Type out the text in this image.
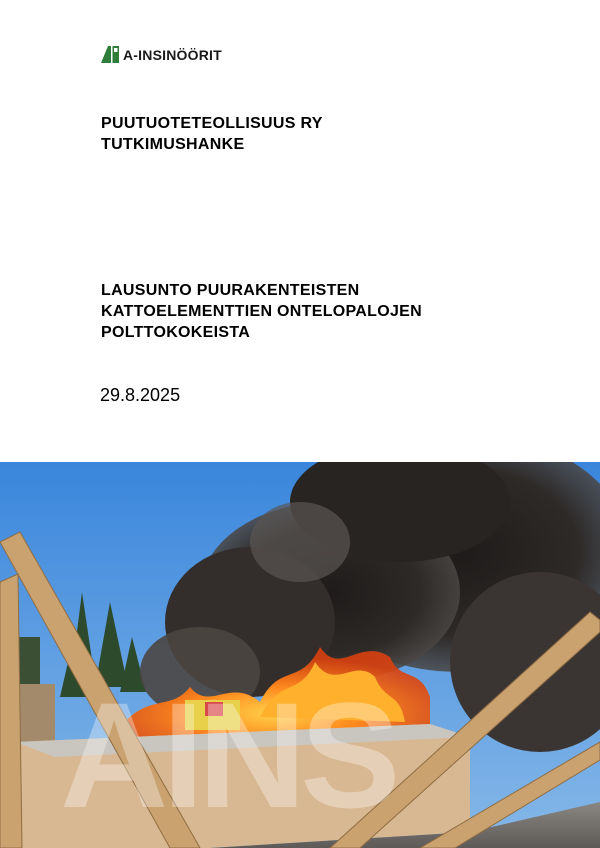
A-INSINÖÖRIT
PUUTUOTETEOLLISUUS RY
TUTKIMUSHANKE
LAUSUNTO PUURAKENTEISTEN
KATTOELEMENTTIEN ONTELOPALOJEN
POLTTOKOKEISTA
29.8.2025
AINS
